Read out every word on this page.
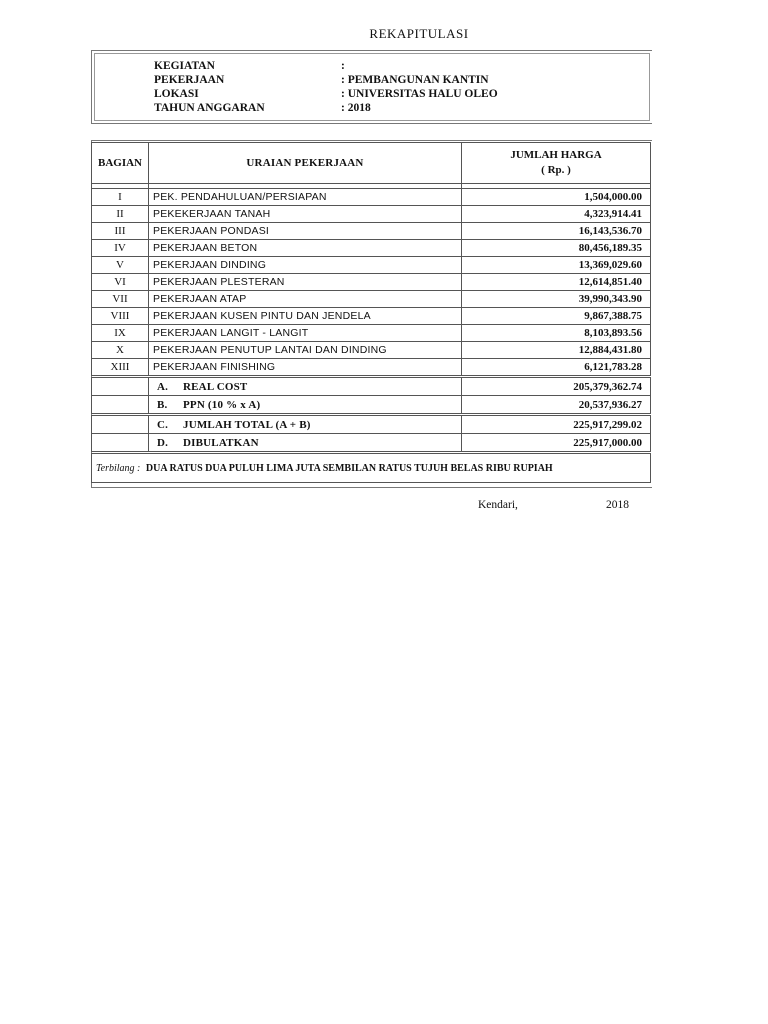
REKAPITULASI
KEGIATAN	:
PEKERJAAN	: PEMBANGUNAN KANTIN
LOKASI	: UNIVERSITAS HALU OLEO
TAHUN ANGGARAN	: 2018
BAGIAN	URAIAN PEKERJAAN	JUMLAH HARGA
( Rp. )

I	PEK. PENDAHULUAN/PERSIAPAN	1,504,000.00
II	PEKEKERJAAN TANAH	4,323,914.41
III	PEKERJAAN PONDASI	16,143,536.70
IV	PEKERJAAN BETON	80,456,189.35
V	PEKERJAAN DINDING	13,369,029.60
VI	PEKERJAAN PLESTERAN	12,614,851.40
VII	PEKERJAAN ATAP	39,990,343.90
VIII	PEKERJAAN KUSEN PINTU DAN JENDELA	9,867,388.75
IX	PEKERJAAN LANGIT - LANGIT	8,103,893.56
X	PEKERJAAN PENUTUP LANTAI DAN DINDING	12,884,431.80
XIII	PEKERJAAN FINISHING	6,121,783.28
	A. REAL COST	205,379,362.74
	B. PPN (10 % x A)	20,537,936.27
	C. JUMLAH TOTAL (A + B)	225,917,299.02
	D. DIBULATKAN	225,917,000.00
Terbilang : DUA RATUS DUA PULUH LIMA JUTA SEMBILAN RATUS TUJUH BELAS RIBU RUPIAH		
Kendari,	2018
